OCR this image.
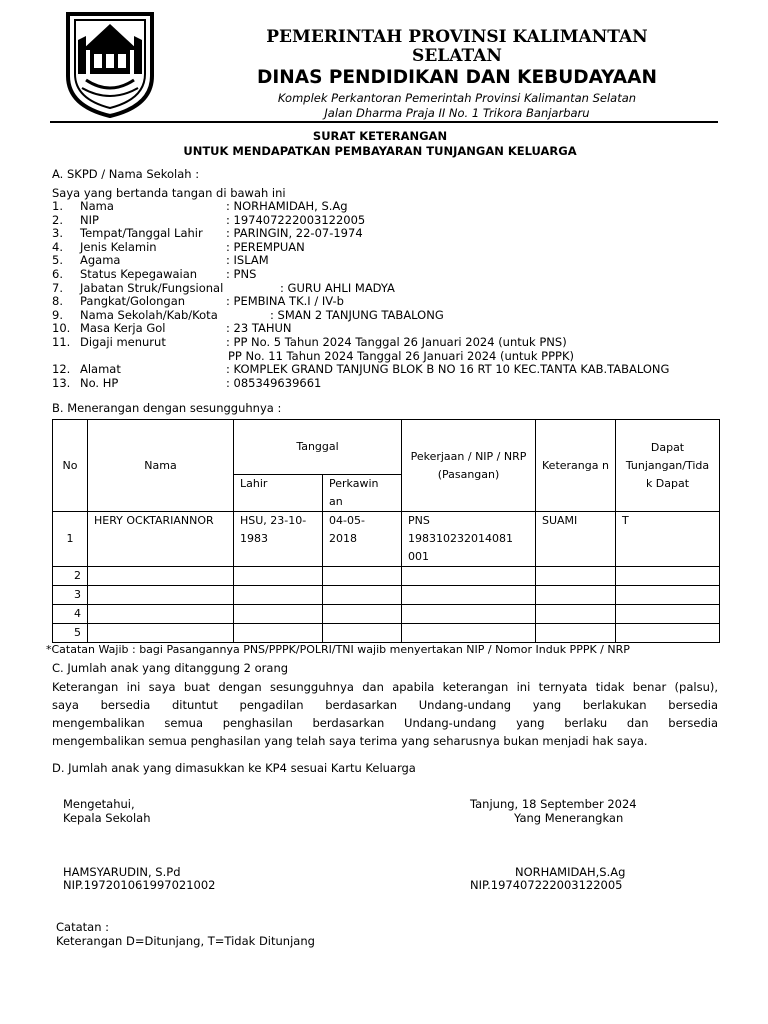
PEMERINTAH PROVINSI KALIMANTAN
SELATAN
DINAS PENDIDIKAN DAN KEBUDAYAAN
Komplek Perkantoran Pemerintah Provinsi Kalimantan Selatan
Jalan Dharma Praja II No. 1 Trikora Banjarbaru
SURAT KETERANGAN
UNTUK MENDAPATKAN PEMBAYARAN TUNJANGAN KELUARGA
A. SKPD / Nama Sekolah :
Saya yang bertanda tangan di bawah ini
1. Nama	: NORHAMIDAH, S.Ag
2. NIP	: 197407222003122005
3. Tempat/Tanggal Lahir : PARINGIN, 22-07-1974
4. Jenis Kelamin	: PEREMPUAN
5. Agama	: ISLAM
6. Status Kepegawaian	: PNS
7. Jabatan Struk/Fungsional	: GURU AHLI MADYA
8. Pangkat/Golongan	: PEMBINA TK.I / IV-b
9. Nama Sekolah/Kab/Kota	: SMAN 2 TANJUNG TABALONG
10. Masa Kerja Gol	: 23 TAHUN
11. Digaji menurut	: PP No. 5 Tahun 2024 Tanggal 26 Januari 2024 (untuk PNS)
PP No. 11 Tahun 2024 Tanggal 26 Januari 2024 (untuk PPPK)
12. Alamat	: KOMPLEK GRAND TANJUNG BLOK B NO 16 RT 10 KEC.TANTA KAB.TABALONG
13. No. HP	: 085349639661
B. Menerangan dengan sesungguhnya :
No	Nama	Tanggal		Pekerjaan / NIP / NRP (Pasangan)	Keteranga n	Dapat Tunjangan/Tida k Dapat
		Lahir	Perkawin an			
1	HERY OCKTARIANNOR	HSU, 23-10-1983	04-05- 2018	PNS 198310232014081 001	SUAMI	T
2						
3						
4						
5						
*Catatan Wajib : bagi Pasangannya PNS/PPPK/POLRI/TNI wajib menyertakan NIP / Nomor Induk PPPK / NRP
C. Jumlah anak yang ditanggung 2 orang
Keterangan ini saya buat dengan sesungguhnya dan apabila keterangan ini ternyata tidak benar (palsu),
saya bersedia dituntut pengadilan berdasarkan Undang-undang yang berlakukan bersedia
mengembalikan semua penghasilan berdasarkan Undang-undang yang berlaku dan bersedia
mengembalikan semua penghasilan yang telah saya terima yang seharusnya bukan menjadi hak saya.
D. Jumlah anak yang dimasukkan ke KP4 sesuai Kartu Keluarga
Mengetahui,
Kepala Sekolah
Tanjung, 18 September 2024
Yang Menerangkan
HAMSYARUDIN, S.Pd
NIP.197201061997021002
NORHAMIDAH,S.Ag
NIP.197407222003122005
Catatan :
Keterangan D=Ditunjang, T=Tidak Ditunjang
